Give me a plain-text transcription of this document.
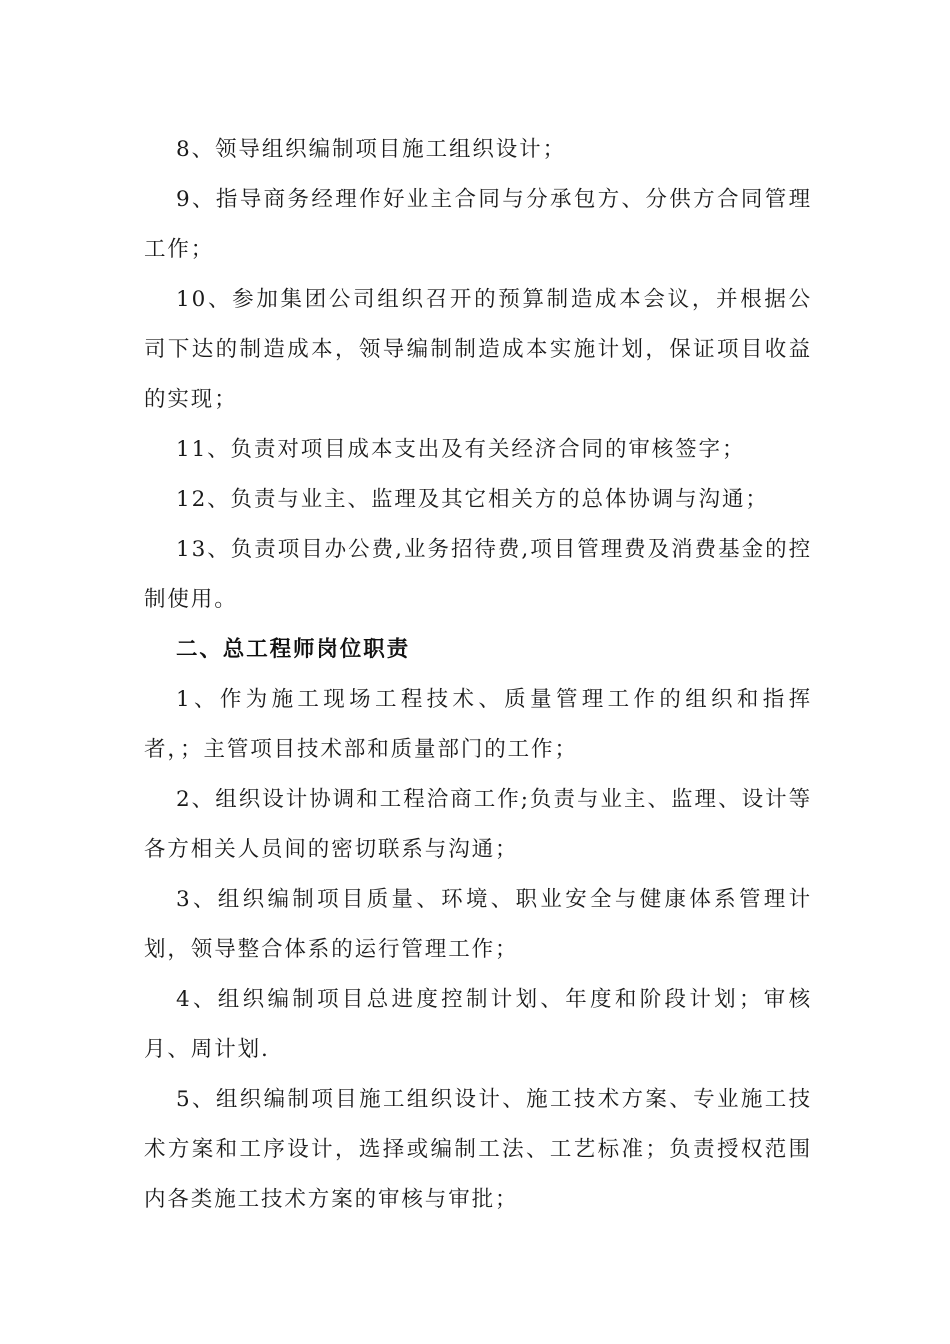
8、领导组织编制项目施工组织设计；

9、指导商务经理作好业主合同与分承包方、分供方合同管理工作；

10、参加集团公司组织召开的预算制造成本会议，并根据公司下达的制造成本，领导编制制造成本实施计划，保证项目收益的实现；

11、负责对项目成本支出及有关经济合同的审核签字；

12、负责与业主、监理及其它相关方的总体协调与沟通；

13、负责项目办公费,业务招待费,项目管理费及消费基金的控制使用。

二、总工程师岗位职责

1、作为施工现场工程技术、质量管理工作的组织和指挥者，；主管项目技术部和质量部门的工作；

2、组织设计协调和工程洽商工作;负责与业主、监理、设计等各方相关人员间的密切联系与沟通；

3、组织编制项目质量、环境、职业安全与健康体系管理计划，领导整合体系的运行管理工作；

4、组织编制项目总进度控制计划、年度和阶段计划；审核月、周计划.

5、组织编制项目施工组织设计、施工技术方案、专业施工技术方案和工序设计，选择或编制工法、工艺标准；负责授权范围内各类施工技术方案的审核与审批；
